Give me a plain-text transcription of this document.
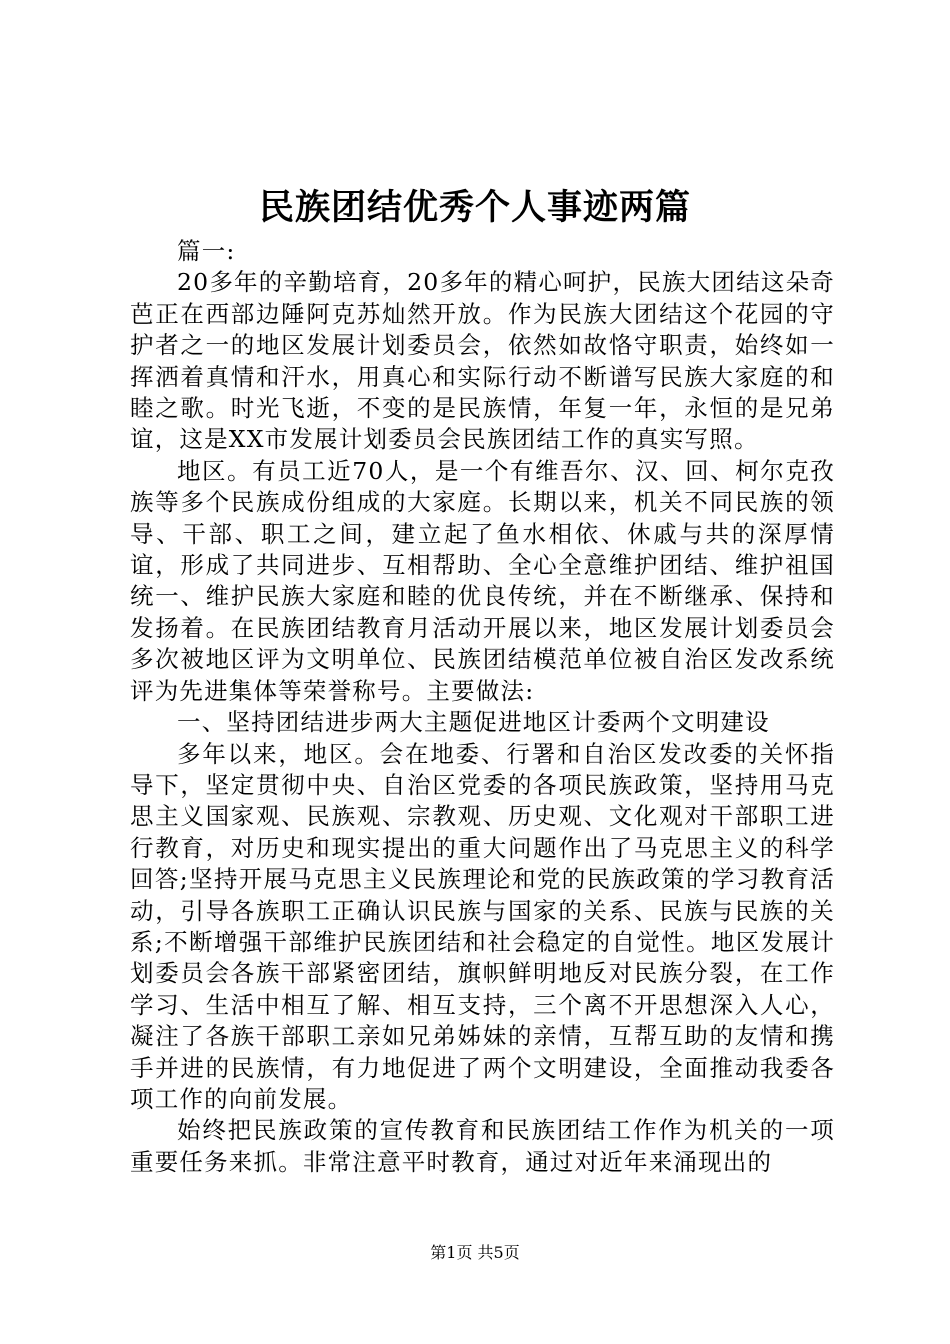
民族团结优秀个人事迹两篇

篇一:

20多年的辛勤培育，20多年的精心呵护，民族大团结这朵奇芭正在西部边陲阿克苏灿然开放。作为民族大团结这个花园的守护者之一的地区发展计划委员会，依然如故恪守职责，始终如一挥洒着真情和汗水，用真心和实际行动不断谱写民族大家庭的和睦之歌。时光飞逝，不变的是民族情，年复一年，永恒的是兄弟谊，这是XX市发展计划委员会民族团结工作的真实写照。

地区。有员工近70人，是一个有维吾尔、汉、回、柯尔克孜族等多个民族成份组成的大家庭。长期以来，机关不同民族的领导、干部、职工之间，建立起了鱼水相依、休戚与共的深厚情谊，形成了共同进步、互相帮助、全心全意维护团结、维护祖国统一、维护民族大家庭和睦的优良传统，并在不断继承、保持和发扬着。在民族团结教育月活动开展以来，地区发展计划委员会多次被地区评为文明单位、民族团结模范单位被自治区发改系统评为先进集体等荣誉称号。主要做法:

一、坚持团结进步两大主题促进地区计委两个文明建设

多年以来，地区。会在地委、行署和自治区发改委的关怀指导下，坚定贯彻中央、自治区党委的各项民族政策，坚持用马克思主义国家观、民族观、宗教观、历史观、文化观对干部职工进行教育，对历史和现实提出的重大问题作出了马克思主义的科学回答;坚持开展马克思主义民族理论和党的民族政策的学习教育活动，引导各族职工正确认识民族与国家的关系、民族与民族的关系;不断增强干部维护民族团结和社会稳定的自觉性。地区发展计划委员会各族干部紧密团结，旗帜鲜明地反对民族分裂，在工作学习、生活中相互了解、相互支持，三个离不开思想深入人心，凝注了各族干部职工亲如兄弟姊妹的亲情，互帮互助的友情和携手并进的民族情，有力地促进了两个文明建设，全面推动我委各项工作的向前发展。

始终把民族政策的宣传教育和民族团结工作作为机关的一项重要任务来抓。非常注意平时教育，通过对近年来涌现出的

第1页 共5页
